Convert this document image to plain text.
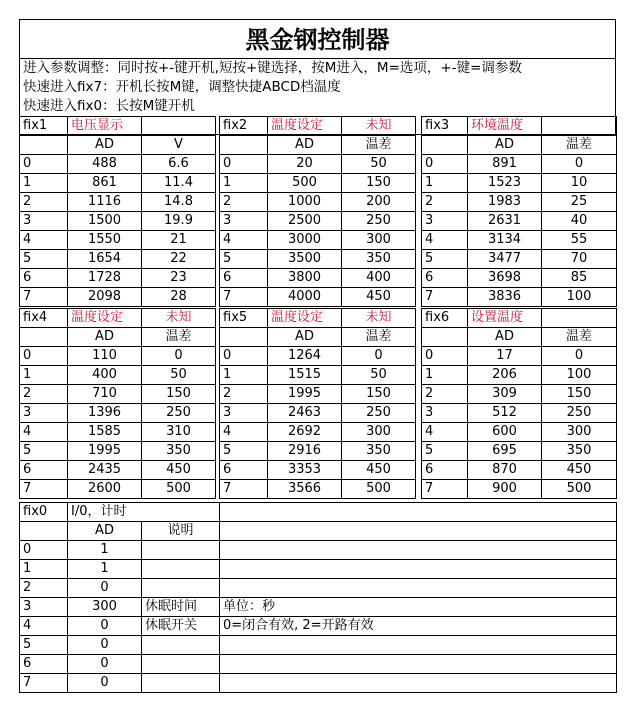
黑金钢控制器
进入参数调整：同时按+-键开机,短按+键选择，按M进入，M=选项，+-键=调参数
快速进入fix7：开机长按M键，调整快捷ABCD档温度
快速进入fix0：长按M键开机
fix1	电压显示	
	AD	V
0	488	6.6
1	861	11.4
2	1116	14.8
3	1500	19.9
4	1550	21
5	1654	22
6	1728	23
7	2098	28
fix2	温度设定	未知
	AD	温差
0	20	50
1	500	150
2	1000	200
3	2500	250
4	3000	300
5	3500	350
6	3800	400
7	4000	450
fix3	环境温度	
	AD	温差
0	891	0
1	1523	10
2	1983	25
3	2631	40
4	3134	55
5	3477	70
6	3698	85
7	3836	100
fix4	温度设定	未知
	AD	温差
0	110	0
1	400	50
2	710	150
3	1396	250
4	1585	310
5	1995	350
6	2435	450
7	2600	500
fix5	温度设定	未知
	AD	温差
0	1264	0
1	1515	50
2	1995	150
3	2463	250
4	2692	300
5	2916	350
6	3353	450
7	3566	500
fix6	设置温度	
	AD	温差
0	17	0
1	206	100
2	309	150
3	512	250
4	600	300
5	695	350
6	870	450
7	900	500
fix0	I/0，计时		
	AD	说明	
0	1		
1	1		
2	0		
3	300	休眠时间	单位：秒
4	0	休眠开关	0=闭合有效, 2=开路有效
5	0		
6	0		
7	0		
